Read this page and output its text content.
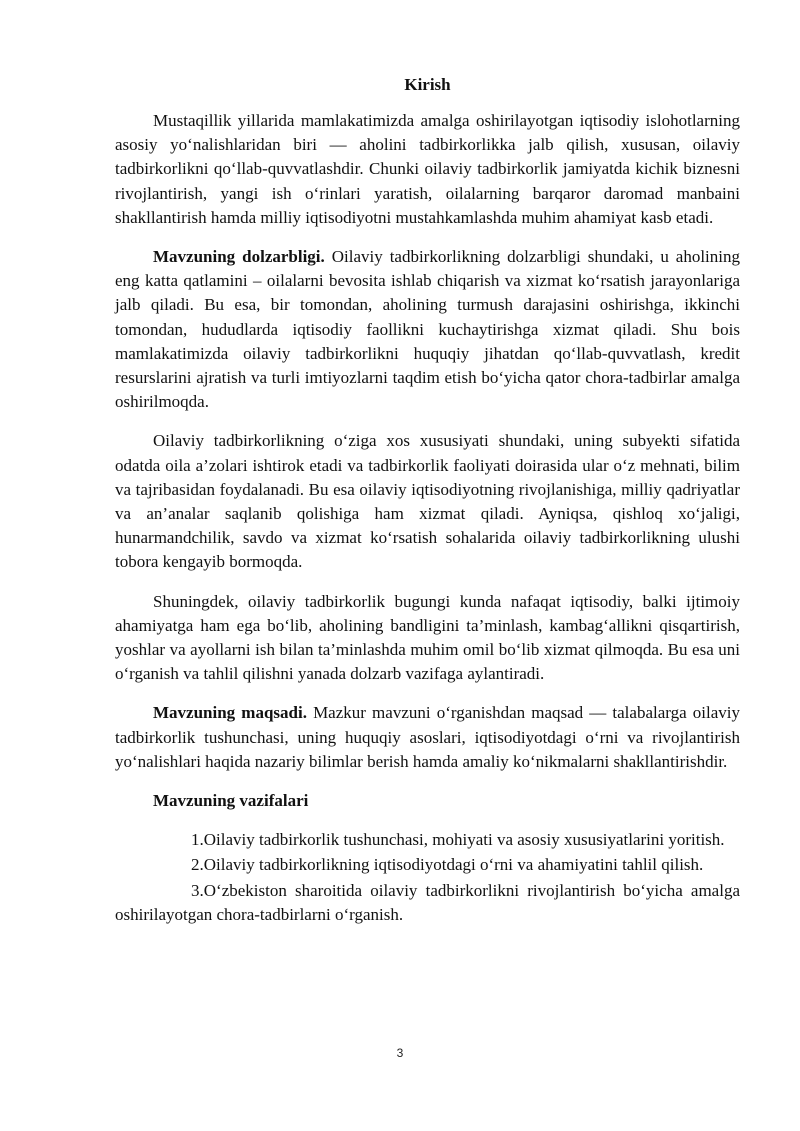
Kirish

Mustaqillik yillarida mamlakatimizda amalga oshirilayotgan iqtisodiy islohotlarning asosiy yo‘nalishlaridan biri — aholini tadbirkorlikka jalb qilish, xususan, oilaviy tadbirkorlikni qo‘llab-quvvatlashdir. Chunki oilaviy tadbirkorlik jamiyatda kichik biznesni rivojlantirish, yangi ish o‘rinlari yaratish, oilalarning barqaror daromad manbaini shakllantirish hamda milliy iqtisodiyotni mustahkamlashda muhim ahamiyat kasb etadi.

Mavzuning dolzarbligi. Oilaviy tadbirkorlikning dolzarbligi shundaki, u aholining eng katta qatlamini – oilalarni bevosita ishlab chiqarish va xizmat ko‘rsatish jarayonlariga jalb qiladi. Bu esa, bir tomondan, aholining turmush darajasini oshirishga, ikkinchi tomondan, hududlarda iqtisodiy faollikni kuchaytirishga xizmat qiladi. Shu bois mamlakatimizda oilaviy tadbirkorlikni huquqiy jihatdan qo‘llab-quvvatlash, kredit resurslarini ajratish va turli imtiyozlarni taqdim etish bo‘yicha qator chora-tadbirlar amalga oshirilmoqda.

Oilaviy tadbirkorlikning o‘ziga xos xususiyati shundaki, uning subyekti sifatida odatda oila a’zolari ishtirok etadi va tadbirkorlik faoliyati doirasida ular o‘z mehnati, bilim va tajribasidan foydalanadi. Bu esa oilaviy iqtisodiyotning rivojlanishiga, milliy qadriyatlar va an’analar saqlanib qolishiga ham xizmat qiladi. Ayniqsa, qishloq xo‘jaligi, hunarmandchilik, savdo va xizmat ko‘rsatish sohalarida oilaviy tadbirkorlikning ulushi tobora kengayib bormoqda.

Shuningdek, oilaviy tadbirkorlik bugungi kunda nafaqat iqtisodiy, balki ijtimoiy ahamiyatga ham ega bo‘lib, aholining bandligini ta’minlash, kambag‘allikni qisqartirish, yoshlar va ayollarni ish bilan ta’minlashda muhim omil bo‘lib xizmat qilmoqda. Bu esa uni o‘rganish va tahlil qilishni yanada dolzarb vazifaga aylantiradi.

Mavzuning maqsadi. Mazkur mavzuni o‘rganishdan maqsad — talabalarga oilaviy tadbirkorlik tushunchasi, uning huquqiy asoslari, iqtisodiyotdagi o‘rni va rivojlantirish yo‘nalishlari haqida nazariy bilimlar berish hamda amaliy ko‘nikmalarni shakllantirishdir.

Mavzuning vazifalari

1.Oilaviy tadbirkorlik tushunchasi, mohiyati va asosiy xususiyatlarini yoritish.

2.Oilaviy tadbirkorlikning iqtisodiyotdagi o‘rni va ahamiyatini tahlil qilish.

3.O‘zbekiston sharoitida oilaviy tadbirkorlikni rivojlantirish bo‘yicha amalga oshirilayotgan chora-tadbirlarni o‘rganish.

3
